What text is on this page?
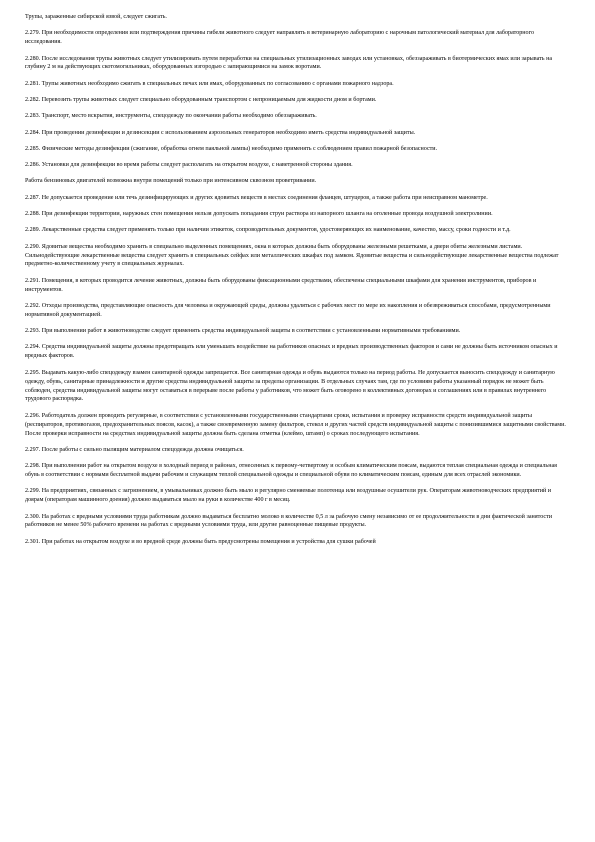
Трупы, зараженные сибирской язвой, следует сжигать.

2.279. При необходимости определения или подтверждения причины гибели животного следует направлять в ветеринарную лабораторию с нарочным патологический материал для лабораторного исследования.

2.280. После исследования трупы животных следует утилизировать путем переработки на специальных утилизационных заводах или установках, обеззараживать в биотермических ямах или зарывать на глубину 2 м на действующих скотомогильниках, оборудованных изгородью с запирающимися на замок воротами.

2.281. Трупы животных необходимо сжигать в специальных печах или ямах, оборудованных по согласованию с органами пожарного надзора.

2.282. Перевозить трупы животных следует специально оборудованным транспортом с непроницаемым для жидкости дном и бортами.

2.283. Транспорт, место вскрытия, инструменты, спецодежду по окончании работы необходимо обеззараживать.

2.284. При проведении дезинфекции и дезинсекции с использованием аэрозольных генераторов необходимо иметь средства индивидуальной защиты.

2.285. Физические методы дезинфекции (сжигание, обработка огнем паяльной лампы) необходимо применять с соблюдением правил пожарной безопасности.

2.286. Установки для дезинфекции во время работы следует располагать на открытом воздухе, с наветренной стороны здания.

Работа бензиновых двигателей возможна внутри помещений только при интенсивном сквозном проветривании.

2.287. Не допускается проведение или течь дезинфицирующих и других ядовитых веществ в местах соединения фланцев, штуцеров, а также работа при неисправном манометре.

2.288. При дезинфекции территории, наружных стен помещения нельзя допускать попадания струи раствора из напорного шланга на оголенные провода воздушной электролинии.

2.289. Лекарственные средства следует применять только при наличии этикеток, сопроводительных документов, удостоверяющих их наименование, качество, массу, сроки годности и т.д.

2.290. Ядовитые вещества необходимо хранить в специально выделенных помещениях, окна в которых должны быть оборудованы железными решетками, а двери обиты железными листами. Сильнодействующие лекарственные вещества следует хранить в специальных сейфах или металлических шкафах под замком. Ядовитые вещества и сильнодействующие лекарственные вещества подлежат предметно-количественному учету в специальных журналах.

2.291. Помещения, в которых проводится лечение животных, должны быть оборудованы фиксационными средствами, обеспечены специальными шкафами для хранения инструментов, приборов и инструментов.

2.292. Отходы производства, представляющие опасность для человека и окружающей среды, должны удаляться с рабочих мест по мере их накопления и обезвреживаться способами, предусмотренными нормативной документацией.

2.293. При выполнении работ в животноводстве следует применять средства индивидуальной защиты в соответствии с установленными нормативными требованиями.

2.294. Средства индивидуальной защиты должны предотвращать или уменьшать воздействие на работников опасных и вредных производственных факторов и сами не должны быть источником опасных и вредных факторов.

2.295. Выдавать какую-либо спецодежду взамен санитарной одежды запрещается. Все санитарная одежда и обувь выдаются только на период работы. Не допускается выносить спецодежду и санитарную одежду, обувь, санитарные принадлежности и другие средства индивидуальной защиты за пределы организации. В отдельных случаях там, где по условиям работы указанный порядок не может быть соблюден, средства индивидуальной защиты могут оставаться в перерыве после работы у работников, что может быть оговорено в коллективных договорах и соглашениях или в правилах внутреннего трудового распорядка.

2.296. Работодатель должен проводить регулярные, в соответствии с установленными государственными стандартами сроки, испытания и проверку исправности средств индивидуальной защиты (респираторов, противогазов, предохранительных поясов, касок), а также своевременную замену фильтров, стекол и других частей средств индивидуальной защиты с понизившимися защитными свойствами. После проверки исправности на средствах индивидуальной защиты должна быть сделана отметка (клеймо, штамп) о сроках последующего испытания.

2.297. После работы с сильно пылящим материалом спецодежда должна очищаться.

2.298. При выполнении работ на открытом воздухе в холодный период в районах, отнесенных к первому-четвертому и особым климатическим поясам, выдаются теплая специальная одежда и специальная обувь в соответствии с нормами бесплатной выдачи рабочим и служащим теплой специальной одежды и специальной обуви по климатическим поясам, единым для всех отраслей экономики.

2.299. На предприятиях, связанных с загрязнением, в умывальниках должно быть мыло и регулярно сменяемые полотенца или воздушные осушители рук. Операторам животноводческих предприятий и доярам (операторам машинного доения) должно выдаваться мыло на руки в количестве 400 г в месяц.

2.300. На работах с вредными условиями труда работникам должно выдаваться бесплатно молоко в количестве 0,5 л за рабочую смену независимо от ее продолжительности в дни фактической занятости работников не менее 50% рабочего времени на работах с вредными условиями труда, или другие равноценные пищевые продукты.

2.301. При работах на открытом воздухе и во вредной среде должны быть предусмотрены помещения и устройства для сушки рабочей
